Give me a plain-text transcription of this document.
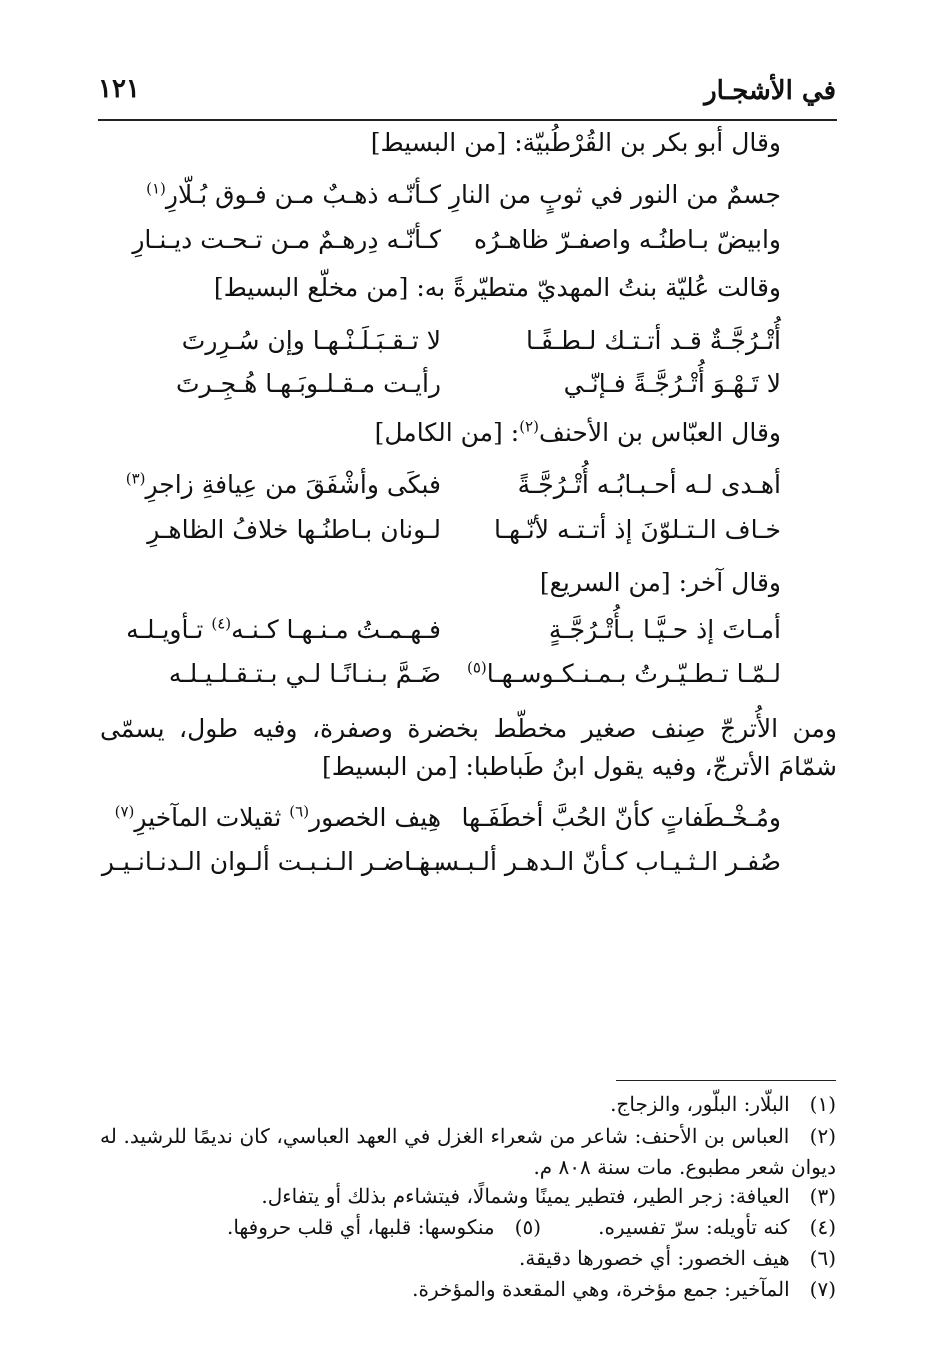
في الأشجـار
١٢١
وقال أبو بكر بن القُرْطُبيّة: [من البسيط]
جسمٌ من النور في ثوبٍ من النارِ
كـأنّـه ذهـبٌ مـن فـوق بُـلّارِ$^{(١)}$
وابيضّ بـاطنُـه واصفـرّ ظاهـرُه
كـأنّـه دِرهـمٌ مـن تـحـت ديـنـارِ
وقالت عُليّة بنتُ المهديّ متطيّرةً به: [من مخلّع البسيط]
أُتْـرُجَّـةٌ قـد أتـتـك لـطـفًـا
لا تـقـبَـلَـنْـهـا وإن سُـرِرتَ
لا تَـهْـوَ أُتْـرُجَّـةً فـإنّـي
رأيـت مـقـلـوبَـهـا هُـجِـرتَ
وقال العبّاس بن الأحنف$^{(٢)}$: [من الكامل]
أهـدى لـه أحـبـابُـه أُتْـرُجَّـةً
فبكَى وأشْفَقَ من عِيافةِ زاجرِ$^{(٣)}$
خـاف الـتـلوّنَ إذ أتـتـه لأنّـهـا
لـونان بـاطنُـها خلافُ الظاهـرِ
وقال آخر: [من السريع]
أمـاتَ إذ حـيَّـا بـأُتْـرُجَّـةٍ
فـهـمـتُ مـنـهـا كـنـه$^{(٤)}$ تـأويـلـه
لـمّـا تـطـيّـرتُ بـمـنـكـوسـهـا$^{(٥)}$
ضَـمَّ بـنـانًـا لـي بـتـقـلـيـلـه
ومن الأُترجّ صِنف صغير مخطّط بخضرة وصفرة، وفيه طول، يسمّى شمّامَ الأترجّ، وفيه يقول ابنُ طَباطبا: [من البسيط]
ومُـخْـطَفاتٍ كأنّ الحُبَّ أخطَفَـها
هِيف الخصور$^{(٦)}$ ثقيلات المآخيرِ$^{(٧)}$
صُفـر الـثـيـاب كـأنّ الـدهـر ألـبـسـهـا
بـنـاضـر الـنـبـت ألـوان الـدنـانـيـر
(١) البلّار: البلّور، والزجاج.
(٢) العباس بن الأحنف: شاعر من شعراء الغزل في العهد العباسي، كان نديمًا للرشيد. له ديوان شعر مطبوع. مات سنة ٨٠٨ م.
(٣) العيافة: زجر الطير، فتطير يمينًا وشمالًا، فيتشاءم بذلك أو يتفاءل.
(٤) كنه تأويله: سرّ تفسيره.
(٥) منكوسها: قلبها، أي قلب حروفها.
(٦) هيف الخصور: أي خصورها دقيقة.
(٧) المآخير: جمع مؤخرة، وهي المقعدة والمؤخرة.
